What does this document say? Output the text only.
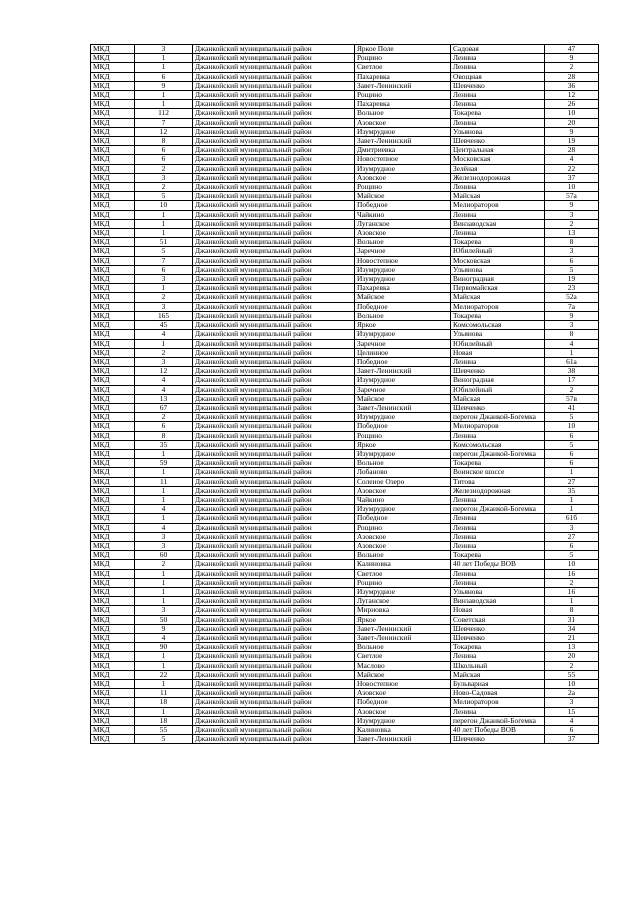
МКД	3	Джанкойский муниципальный район	Яркое Поле	Садовая	47
МКД	1	Джанкойский муниципальный район	Рощино	Ленина	9
МКД	1	Джанкойский муниципальный район	Светлое	Ленина	2
МКД	6	Джанкойский муниципальный район	Пахаревка	Овощная	28
МКД	9	Джанкойский муниципальный район	Завет-Ленинский	Шевченко	36
МКД	1	Джанкойский муниципальный район	Рощино	Ленина	12
МКД	1	Джанкойский муниципальный район	Пахаревка	Ленина	26
МКД	112	Джанкойский муниципальный район	Вольное	Токарева	10
МКД	7	Джанкойский муниципальный район	Азовское	Ленина	20
МКД	12	Джанкойский муниципальный район	Изумрудное	Ульянова	9
МКД	8	Джанкойский муниципальный район	Завет-Ленинский	Шевченко	19
МКД	6	Джанкойский муниципальный район	Дмитриевка	Центральная	28
МКД	6	Джанкойский муниципальный район	Новостепное	Московская	4
МКД	2	Джанкойский муниципальный район	Изумрудное	Зелёная	22
МКД	3	Джанкойский муниципальный район	Азовское	Железнодорожная	37
МКД	2	Джанкойский муниципальный район	Рощино	Ленина	10
МКД	5	Джанкойский муниципальный район	Майское	Майская	57а
МКД	10	Джанкойский муниципальный район	Победное	Мелиораторов	9
МКД	1	Джанкойский муниципальный район	Чайкино	Ленина	3
МКД	1	Джанкойский муниципальный район	Луганское	Винзаводская	2
МКД	1	Джанкойский муниципальный район	Азовское	Ленина	13
МКД	51	Джанкойский муниципальный район	Вольное	Токарева	8
МКД	5	Джанкойский муниципальный район	Заречное	Юбилейный	3
МКД	7	Джанкойский муниципальный район	Новостепное	Московская	6
МКД	6	Джанкойский муниципальный район	Изумрудное	Ульянова	5
МКД	3	Джанкойский муниципальный район	Изумрудное	Виноградная	19
МКД	1	Джанкойский муниципальный район	Пахаревка	Первомайская	23
МКД	2	Джанкойский муниципальный район	Майское	Майская	52а
МКД	3	Джанкойский муниципальный район	Победное	Мелиораторов	7а
МКД	165	Джанкойский муниципальный район	Вольное	Токарева	9
МКД	45	Джанкойский муниципальный район	Яркое	Комсомольская	3
МКД	4	Джанкойский муниципальный район	Изумрудное	Ульянова	8
МКД	1	Джанкойский муниципальный район	Заречное	Юбилейный	4
МКД	2	Джанкойский муниципальный район	Целинное	Новая	1
МКД	3	Джанкойский муниципальный район	Победное	Ленина	61а
МКД	12	Джанкойский муниципальный район	Завет-Ленинский	Шевченко	38
МКД	4	Джанкойский муниципальный район	Изумрудное	Виноградная	17
МКД	4	Джанкойский муниципальный район	Заречное	Юбилейный	2
МКД	13	Джанкойский муниципальный район	Майское	Майская	57в
МКД	67	Джанкойский муниципальный район	Завет-Ленинский	Шевченко	41
МКД	2	Джанкойский муниципальный район	Изумрудное	перегон Джанкой-Богемка	5
МКД	6	Джанкойский муниципальный район	Победное	Мелиораторов	10
МКД	8	Джанкойский муниципальный район	Рощино	Ленина	6
МКД	35	Джанкойский муниципальный район	Яркое	Комсомольская	5
МКД	1	Джанкойский муниципальный район	Изумрудное	перегон Джанкой-Богемка	6
МКД	59	Джанкойский муниципальный район	Вольное	Токарева	6
МКД	1	Джанкойский муниципальный район	Лобаново	Воинское шоссе	1
МКД	11	Джанкойский муниципальный район	Соленое Озеро	Титова	27
МКД	1	Джанкойский муниципальный район	Азовское	Железнодорожная	35
МКД	1	Джанкойский муниципальный район	Чайкино	Ленина	1
МКД	4	Джанкойский муниципальный район	Изумрудное	перегон Джанкой-Богемка	1
МКД	1	Джанкойский муниципальный район	Победное	Ленина	61б
МКД	4	Джанкойский муниципальный район	Рощино	Ленина	3
МКД	3	Джанкойский муниципальный район	Азовское	Ленина	27
МКД	3	Джанкойский муниципальный район	Азовское	Ленина	6
МКД	60	Джанкойский муниципальный район	Вольное	Токарева	5
МКД	2	Джанкойский муниципальный район	Калиновка	40 лет Победы ВОВ	10
МКД	1	Джанкойский муниципальный район	Светлое	Ленина	16
МКД	1	Джанкойский муниципальный район	Рощино	Ленина	2
МКД	1	Джанкойский муниципальный район	Изумрудное	Ульянова	16
МКД	1	Джанкойский муниципальный район	Луганское	Винзаводская	1
МКД	3	Джанкойский муниципальный район	Мирновка	Новая	8
МКД	50	Джанкойский муниципальный район	Яркое	Советская	31
МКД	9	Джанкойский муниципальный район	Завет-Ленинский	Шевченко	34
МКД	4	Джанкойский муниципальный район	Завет-Ленинский	Шевченко	21
МКД	90	Джанкойский муниципальный район	Вольное	Токарева	13
МКД	1	Джанкойский муниципальный район	Светлое	Ленина	20
МКД	1	Джанкойский муниципальный район	Маслово	Школьный	2
МКД	22	Джанкойский муниципальный район	Майское	Майская	55
МКД	1	Джанкойский муниципальный район	Новостепное	Бульварная	10
МКД	11	Джанкойский муниципальный район	Азовское	Ново-Садовая	2а
МКД	18	Джанкойский муниципальный район	Победное	Мелиораторов	3
МКД	1	Джанкойский муниципальный район	Азовское	Ленина	15
МКД	18	Джанкойский муниципальный район	Изумрудное	перегон Джанкой-Богемка	4
МКД	55	Джанкойский муниципальный район	Калиновка	40 лет Победы ВОВ	6
МКД	5	Джанкойский муниципальный район	Завет-Ленинский	Шевченко	37
